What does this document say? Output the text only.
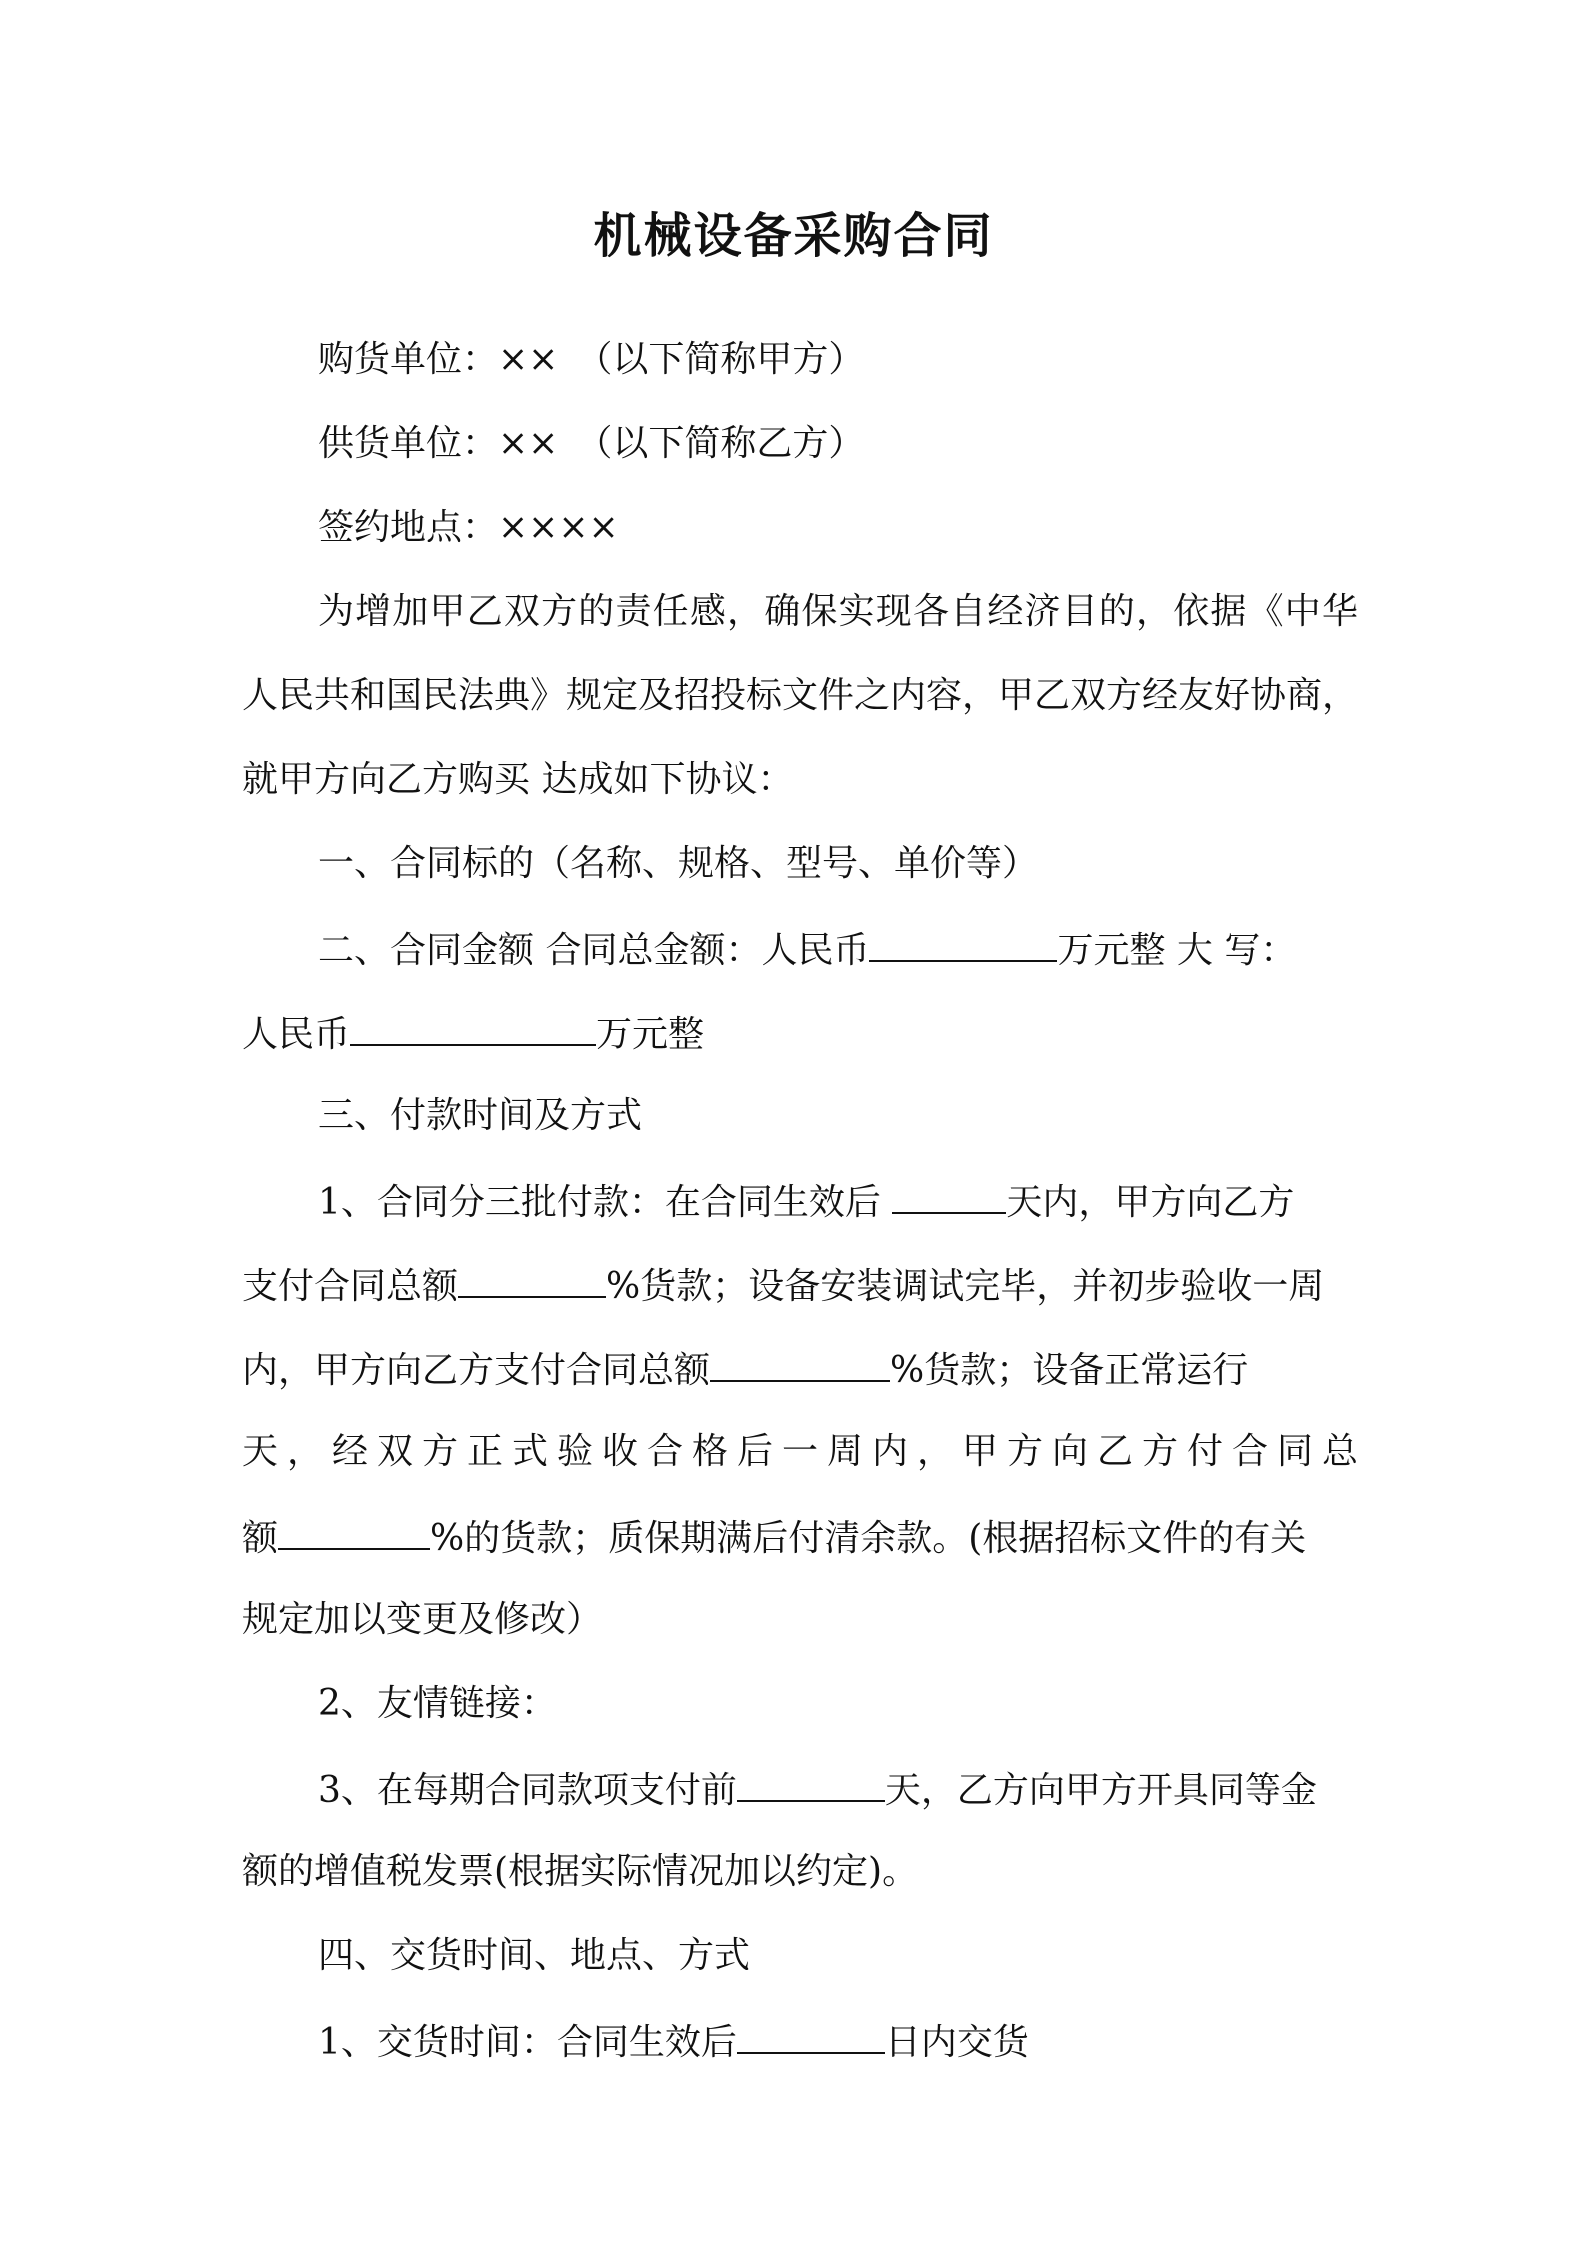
机械设备采购合同
购货单位：××　（以下简称甲方）
供货单位：××　（以下简称乙方）
签约地点：××××
为增加甲乙双方的责任感，确保实现各自经济目的，依据《中华
人民共和国民法典》规定及招投标文件之内容，甲乙双方经友好协商，
就甲方向乙方购买 达成如下协议：
一、合同标的（名称、规格、型号、单价等）
二、合同金额 合同总金额：人民币	万元整 大 写：
人民币	万元整
三、付款时间及方式
1、合同分三批付款：在合同生效后	天内，甲方向乙方
支付合同总额	%货款；设备安装调试完毕，并初步验收一周
内，甲方向乙方支付合同总额	%货款；设备正常运行
天，经双方正式验收合格后一周内，甲方向乙方付合同总
额	%的货款；质保期满后付清余款。(根据招标文件的有关
规定加以变更及修改）
2、友情链接：
3、在每期合同款项支付前	天，乙方向甲方开具同等金
额的增值税发票(根据实际情况加以约定)。
四、交货时间、地点、方式
1、交货时间：合同生效后	日内交货
